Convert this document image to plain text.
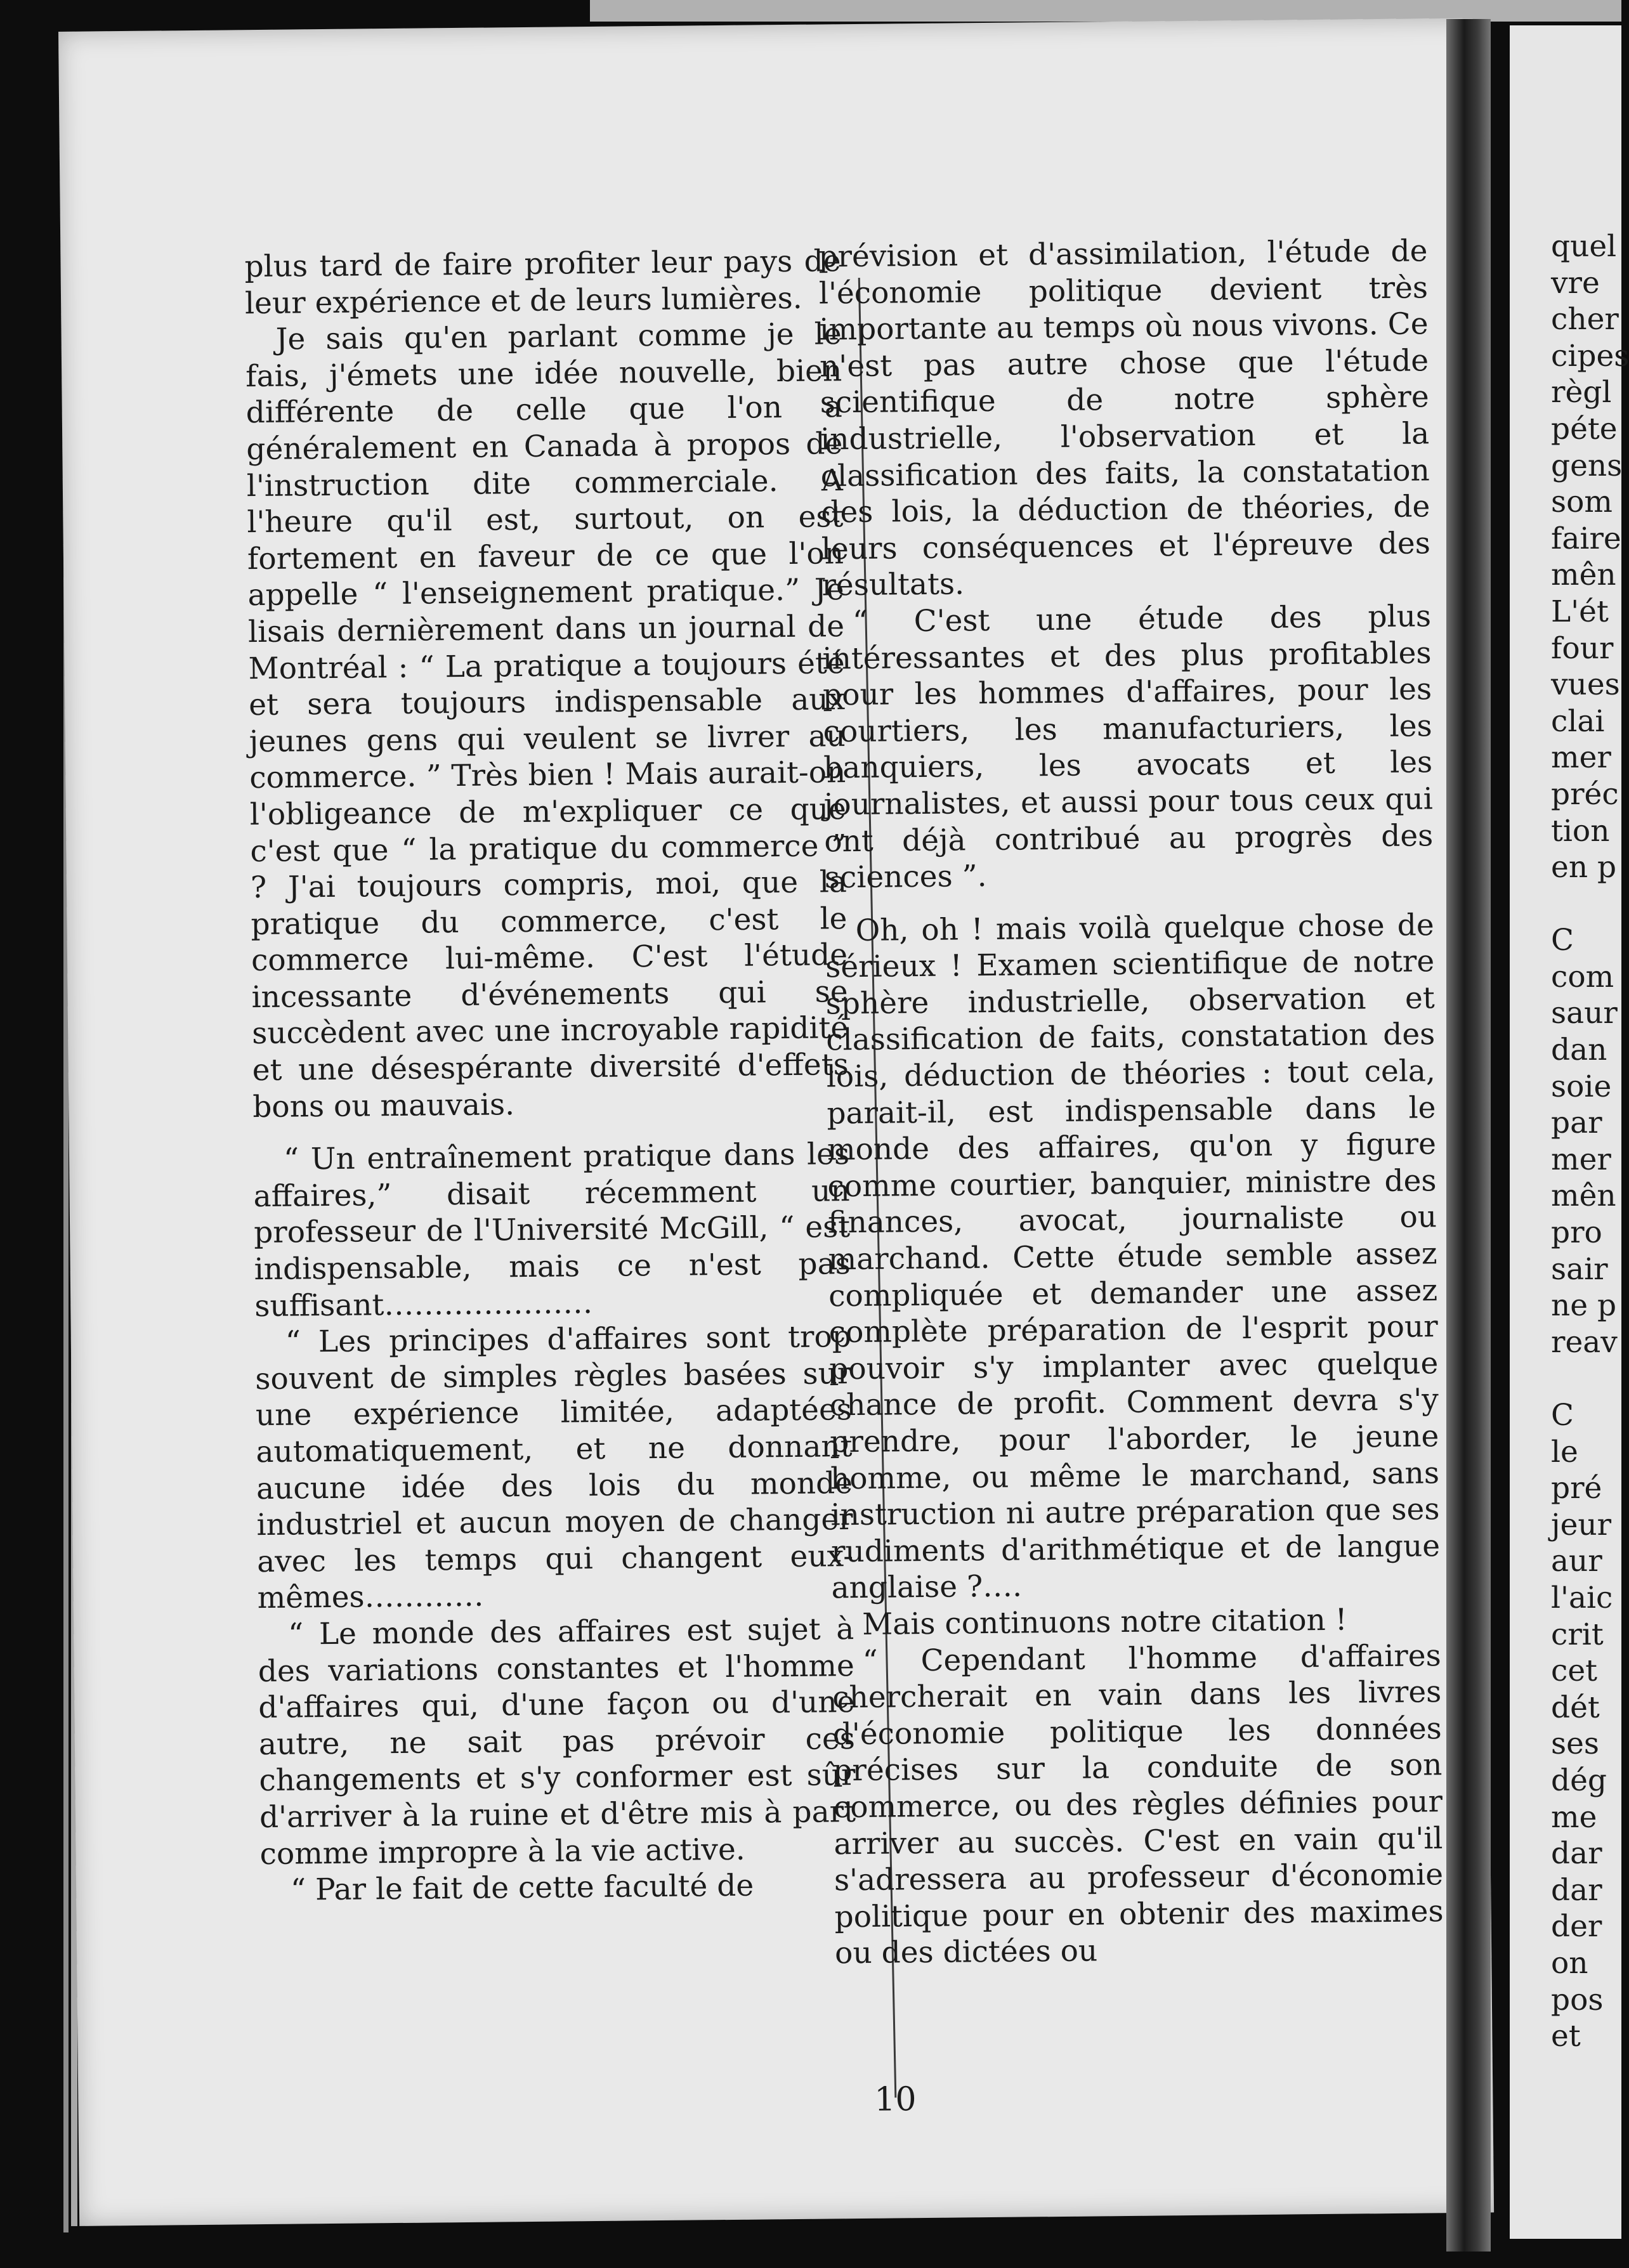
plus tard de faire profiter leur pays de leur expérience et de leurs lumières.

Je sais qu'en parlant comme je le fais, j'émets une idée nouvelle, bien différente de celle que l'on a généralement en Canada à propos de l'instruction dite commerciale. A l'heure qu'il est, surtout, on est fortement en faveur de ce que l'on appelle “ l'enseignement pratique.” Je lisais dernièrement dans un journal de Montréal : “ La pratique a toujours été et sera toujours indispensable aux jeunes gens qui veulent se livrer au commerce. ” Très bien ! Mais aurait-on l'obligeance de m'expliquer ce que c'est que “ la pratique du commerce ” ? J'ai toujours compris, moi, que la pratique du commerce, c'est le commerce lui-même. C'est l'étude incessante d'événements qui se succèdent avec une incroyable rapidité et une désespérante diversité d'effets bons ou mauvais.

“ Un entraînement pratique dans les affaires,” disait récemment un professeur de l'Université McGill, “ est indispensable, mais ce n'est pas suffisant…………………

“ Les principes d'affaires sont trop souvent de simples règles basées sur une expérience limitée, adaptées automatiquement, et ne donnant aucune idée des lois du monde industriel et aucun moyen de changer avec les temps qui changent eux-mêmes…………

“ Le monde des affaires est sujet à des variations constantes et l'homme d'affaires qui, d'une façon ou d'une autre, ne sait pas prévoir ces changements et s'y conformer est sûr d'arriver à la ruine et d'être mis à part comme impropre à la vie active.

“ Par le fait de cette faculté de

prévision et d'assimilation, l'étude de l'économie politique devient très importante au temps où nous vivons. Ce n'est pas autre chose que l'étude scientifique de notre sphère industrielle, l'observation et la classification des faits, la constatation des lois, la déduction de théories, de leurs conséquences et l'épreuve des résultats.

“ C'est une étude des plus intéressantes et des plus profitables pour les hommes d'affaires, pour les courtiers, les manufacturiers, les banquiers, les avocats et les journalistes, et aussi pour tous ceux qui ont déjà contribué au progrès des sciences ”.

Oh, oh ! mais voilà quelque chose de sérieux ! Examen scientifique de notre sphère industrielle, observation et classification de faits, constatation des lois, déduction de théories : tout cela, parait-il, est indispensable dans le monde des affaires, qu'on y figure comme courtier, banquier, ministre des finances, avocat, journaliste ou marchand. Cette étude semble assez compliquée et demander une assez complète préparation de l'esprit pour pouvoir s'y implanter avec quelque chance de profit. Comment devra s'y prendre, pour l'aborder, le jeune homme, ou même le marchand, sans instruction ni autre préparation que ses rudiments d'arithmétique et de langue anglaise ?….

Mais continuons notre citation !

“ Cependant l'homme d'affaires chercherait en vain dans les livres d'économie politique les données précises sur la conduite de son commerce, ou des règles définies pour arriver au succès. C'est en vain qu'il s'adressera au professeur d'économie politique pour en obtenir des maximes ou des dictées ou

10
quel
vre
cher
cipes
règl
péte
gens
som
faire
mên
L'ét
four
vues
clai
mer
préc
tion
en p
C
com
saur
dan
soie
par
mer
mên
pro
sair
ne p
reav
C
le
pré
jeur
aur
l'aic
crit
cet
dét
ses
dég
me
dar
dar
der
on
pos
et
